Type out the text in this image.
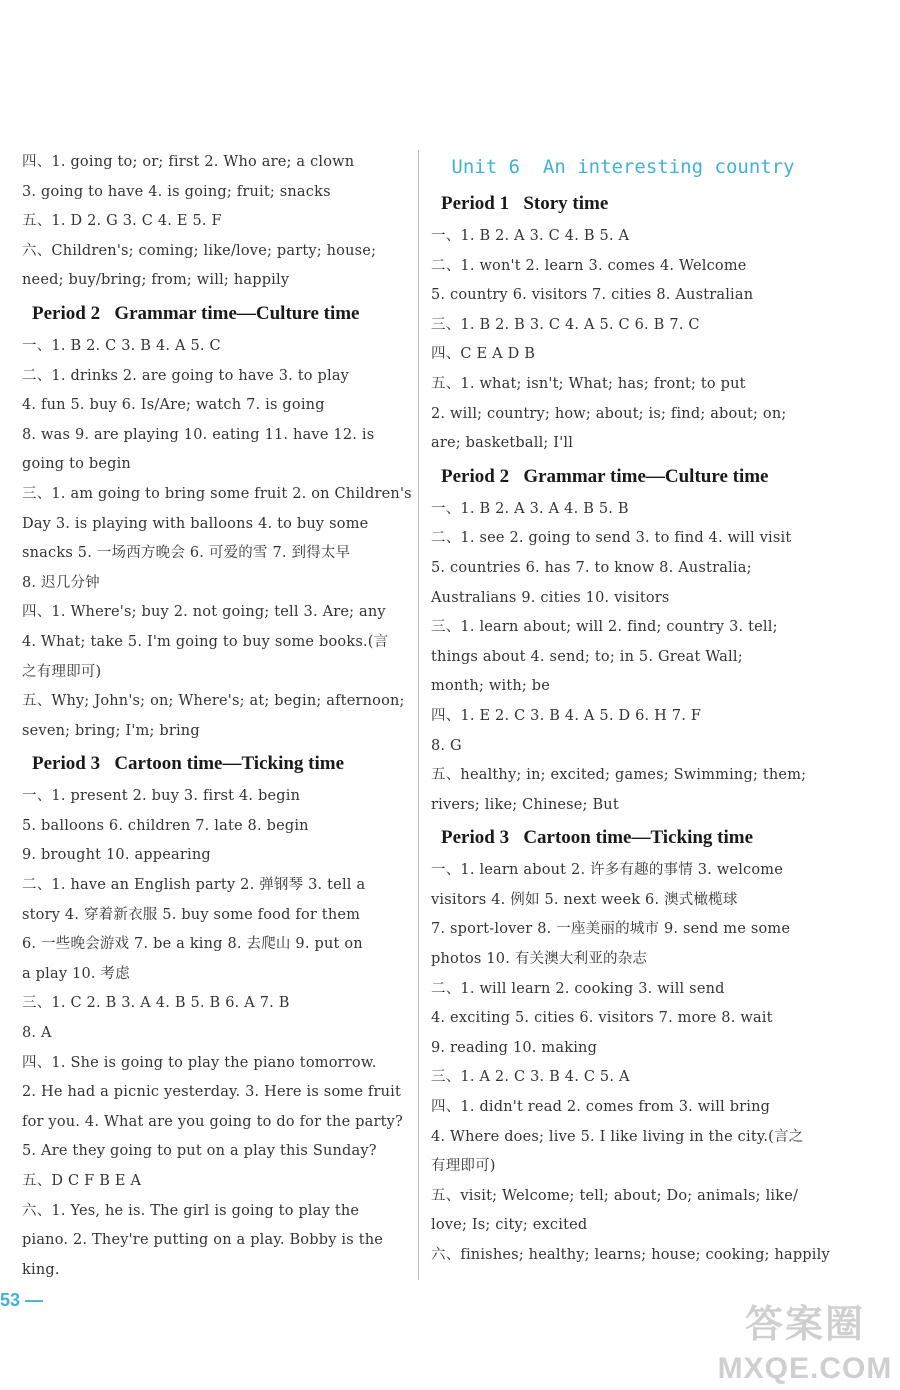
四、1. going to; or; first 2. Who are; a clown
3. going to have 4. is going; fruit; snacks
五、1. D 2. G 3. C 4. E 5. F
六、Children's; coming; like/love; party; house;
need; buy/bring; from; will; happily
Period 2   Grammar time—Culture time
一、1. B 2. C 3. B 4. A 5. C
二、1. drinks 2. are going to have 3. to play
4. fun 5. buy 6. Is/Are; watch 7. is going
8. was 9. are playing 10. eating 11. have 12. is
going to begin
三、1. am going to bring some fruit 2. on Children's
Day 3. is playing with balloons 4. to buy some
snacks 5. 一场西方晚会 6. 可爱的雪 7. 到得太早
8. 迟几分钟
四、1. Where's; buy 2. not going; tell 3. Are; any
4. What; take 5. I'm going to buy some books.(言
之有理即可)
五、Why; John's; on; Where's; at; begin; afternoon;
seven; bring; I'm; bring
Period 3   Cartoon time—Ticking time
一、1. present 2. buy 3. first 4. begin
5. balloons 6. children 7. late 8. begin
9. brought 10. appearing
二、1. have an English party 2. 弹钢琴 3. tell a
story 4. 穿着新衣服 5. buy some food for them
6. 一些晚会游戏 7. be a king 8. 去爬山 9. put on
a play 10. 考虑
三、1. C 2. B 3. A 4. B 5. B 6. A 7. B
8. A
四、1. She is going to play the piano tomorrow.
2. He had a picnic yesterday. 3. Here is some fruit
for you. 4. What are you going to do for the party?
5. Are they going to put on a play this Sunday?
五、D C F B E A
六、1. Yes, he is. The girl is going to play the
piano. 2. They're putting on a play. Bobby is the
king.
Unit 6  An interesting country
Period 1   Story time
一、1. B 2. A 3. C 4. B 5. A
二、1. won't 2. learn 3. comes 4. Welcome
5. country 6. visitors 7. cities 8. Australian
三、1. B 2. B 3. C 4. A 5. C 6. B 7. C
四、C E A D B
五、1. what; isn't; What; has; front; to put
2. will; country; how; about; is; find; about; on;
are; basketball; I'll
Period 2   Grammar time—Culture time
一、1. B 2. A 3. A 4. B 5. B
二、1. see 2. going to send 3. to find 4. will visit
5. countries 6. has 7. to know 8. Australia;
Australians 9. cities 10. visitors
三、1. learn about; will 2. find; country 3. tell;
things about 4. send; to; in 5. Great Wall;
month; with; be
四、1. E 2. C 3. B 4. A 5. D 6. H 7. F
8. G
五、healthy; in; excited; games; Swimming; them;
rivers; like; Chinese; But
Period 3   Cartoon time—Ticking time
一、1. learn about 2. 许多有趣的事情 3. welcome
visitors 4. 例如 5. next week 6. 澳式橄榄球
7. sport-lover 8. 一座美丽的城市 9. send me some
photos 10. 有关澳大利亚的杂志
二、1. will learn 2. cooking 3. will send
4. exciting 5. cities 6. visitors 7. more 8. wait
9. reading 10. making
三、1. A 2. C 3. B 4. C 5. A
四、1. didn't read 2. comes from 3. will bring
4. Where does; live 5. I like living in the city.(言之
有理即可)
五、visit; Welcome; tell; about; Do; animals; like/
love; Is; city; excited
六、finishes; healthy; learns; house; cooking; happily
53 —
答案圈
MXQE.COM
